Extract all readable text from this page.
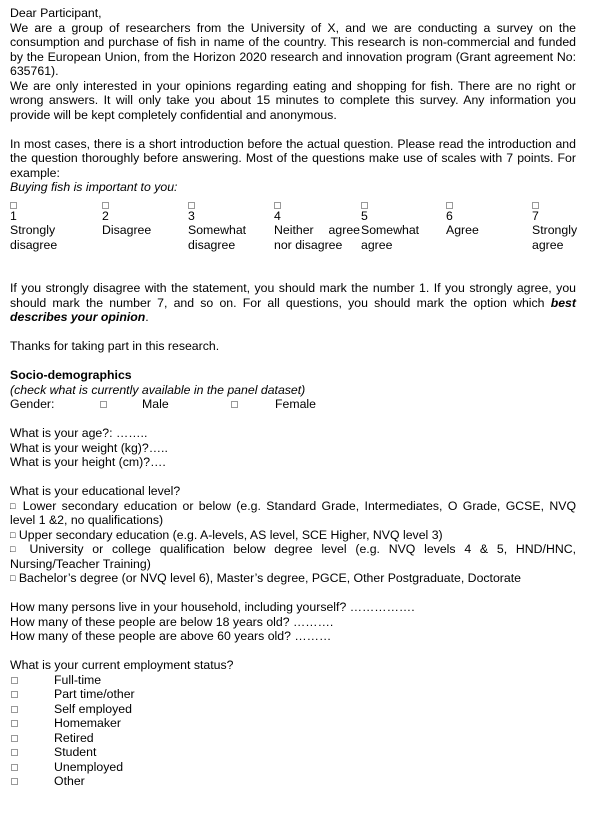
Dear Participant,

We are a group of researchers from the University of X, and we are conducting a survey on the consumption and purchase of fish in name of the country. This research is non-commercial and funded by the European Union, from the Horizon 2020 research and innovation program (Grant agreement No: 635761).

We are only interested in your opinions regarding eating and shopping for fish. There are no right or wrong answers. It will only take you about 15 minutes to complete this survey. Any information you provide will be kept completely confidential and anonymous.

In most cases, there is a short introduction before the actual question. Please read the introduction and the question thoroughly before answering. Most of the questions make use of scales with 7 points. For example:

Buying fish is important to you:

1
Strongly disagree
2
Disagree
3
Somewhat disagree
4
Neither agree nor disagree
5
Somewhat agree
6
Agree
7
Strongly agree

If you strongly disagree with the statement, you should mark the number 1. If you strongly agree, you should mark the number 7, and so on. For all questions, you should mark the option which best describes your opinion.

Thanks for taking part in this research.

Socio-demographics

(check what is currently available in the panel dataset)

Gender:	Male	Female

What is your age?: ……..

What is your weight (kg)?…..

What is your height (cm)?….

What is your educational level?

□ Lower secondary education or below (e.g. Standard Grade, Intermediates, O Grade, GCSE, NVQ level 1 &2, no qualifications)

□ Upper secondary education (e.g. A-levels, AS level, SCE Higher, NVQ level 3)

□ University or college qualification below degree level (e.g. NVQ levels 4 & 5, HND/HNC, Nursing/Teacher Training)

□ Bachelor’s degree (or NVQ level 6), Master’s degree, PGCE, Other Postgraduate, Doctorate

How many persons live in your household, including yourself? …………….

How many of these people are below 18 years old? ……….

How many of these people are above 60 years old? ………

What is your current employment status?

Full-time
Part time/other
Self employed
Homemaker
Retired
Student
Unemployed
Other
